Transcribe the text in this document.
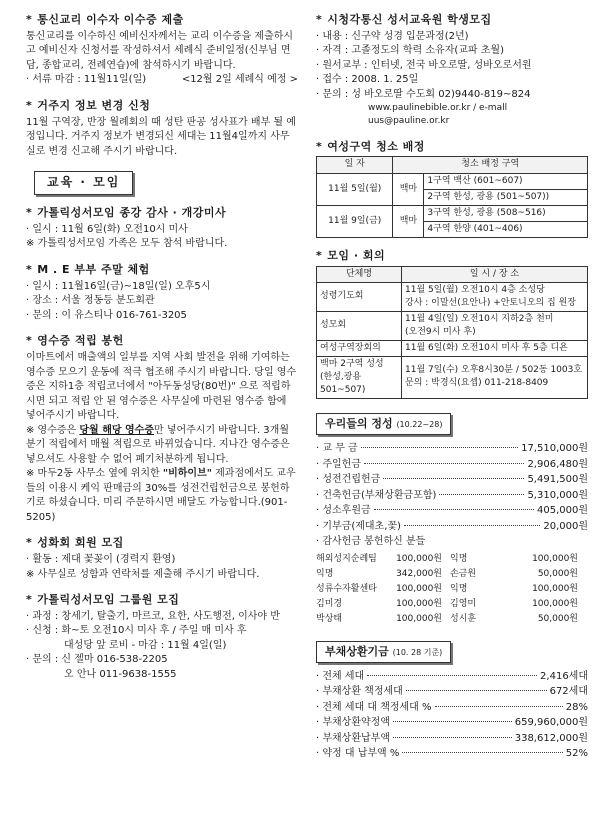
* 통신교리 이수자 이수증 제출

통신교리를 이수하신 예비신자께서는 교리 이수증을 제출하시고 예비신자 신청서를 작성하셔서 세례식 준비일정(신부님 면담, 종합교리, 전례연습)에 참석하시기 바랍니다.

· 서류 마감 : 11월11일(일)	<12월 2일 세례식 예정 >
* 거주지 정보 변경 신청

11월 구역장, 반장 월례회의 때 성탄 판공 성사표가 배부 될 예정입니다. 거주지 정보가 변경되신 세대는 11월4일까지 사무실로 변경 신고해 주시기 바랍니다.

교육 · 모임
* 가톨릭성서모임 종강 감사 · 개강미사

· 일시 : 11월 6일(화) 오전10시 미사

※ 가톨릭성서모임 가족은 모두 참석 바랍니다.

* M . E 부부 주말 체험

· 일시 : 11월16일(금)~18일(일) 오후5시

· 장소 : 서울 정동등 분도회관

· 문의 : 이 유스티나 016-761-3205

* 영수증 적립 봉헌

이마트에서 매출액의 일부를 지역 사회 발전을 위해 기여하는 영수증 모으기 운동에 적극 협조해 주시기 바랍니다. 당일 영수증은 지하1층 적립코너에서 "아두동성당(80번)" 으로 적립하시면 되고 적립 안 된 영수증은 사무실에 마련된 영수증 함에 넣어주시기 바랍니다.

※ 영수증은 당월 해당 영수증만 넣어주시기 바랍니다. 3개월분기 적립에서 매월 적립으로 바뀌었습니다. 지나간 영수증은 넣으셔도 사용할 수 없어 폐기처분하게 됩니다.

※ 마두2동 사무소 옆에 위치한 "비하이브" 제과점에서도 교우들의 이용시 케익 판매금의 30%를 성전건립헌금으로 봉헌하기로 하셨습니다. 미리 주문하시면 배달도 가능합니다.(901-5205)

* 성화회 회원 모집

· 활동 : 제대 꽃꽂이 (경력지 환영)

※ 사무실로 성함과 연락처를 제출해 주시기 바랍니다.

* 가톨릭성서모임 그룹원 모집

· 과정 : 창세기, 탈출기, 마르코, 요한, 사도행전, 이사야 반

· 신청 : 화~토 오전10시 미사 후 / 주일 매 미사 후

대성당 앞 로비 - 마감 : 11월 4일(일)

· 문의 : 신 젤마 016-538-2205

오 안나 011-9638-1555

* 시청각통신 성서교육원 학생모집

· 내용 : 신구약 성경 입문과정(2년)

· 자격 : 고졸정도의 학력 소유자(교파 초월)

· 원서교부 : 인터넷, 전국 바오로딸, 성바오로서원

· 접수 : 2008. 1. 25일

· 문의 : 성 바오로딸 수도회 02)9440-819~824

www.paulinebible.or.kr / e-mall uus@pauline.or.kr

* 여성구역 청소 배정
일 자	청소 배정 구역	
11월 5일(월)	백마	1구역 백산 (601~607)
		2구역 한성, 광용 (501~507))
11월 9일(금)	백마	3구역 한성, 광용 (508~516)
		4구역 한양 (401~406)
* 모임 · 회의
단체명	일 시 / 장 소
성령기도회	11월 5일(월) 오전10시 4층 소성당
강사 : 이말선(요안나) +안토니오의 집 원장

성모회	11월 4일(일) 오전10시 지하2층 천미
(오전9시 미사 후)

여성구역장회의	11월 6일(화) 오전10시 미사 후 5층 디욘

백마 2구역 성성 (한성,광용 501~507)	11월 7일(수) 오후8시30분 / 502동 1003호
문의 : 박경식(요셉) 011-218-8409
우리들의 정성 (10.22~28)
· 교 무 금	17,510,000원
· 주일헌금	2,906,480원
· 성전건립헌금	5,491,500원
· 건축헌금(부채상환금포함)	5,310,000원
· 성소후원금	405,000원
· 기부금(제대초,꽃)	20,000원
· 감사헌금 봉헌하신 분들
해외성지순례팀	100,000원 익명	100,000원
익명	342,000원 손금원	50,000원
성류수자활센타	100,000원 익명	100,000원
김미경	100,000원 김영미	100,000원
박상태	100,000원 성시훈	50,000원
부채상환기금 (10. 28 기준)
· 전체 세대	2,416세대
· 부채상환 책정세대	672세대
· 전체 세대 대 책정세대 %	28%
· 부채상환약정액	659,960,000원
· 부채상환납부액	338,612,000원
· 약정 대 납부액 %	52%
